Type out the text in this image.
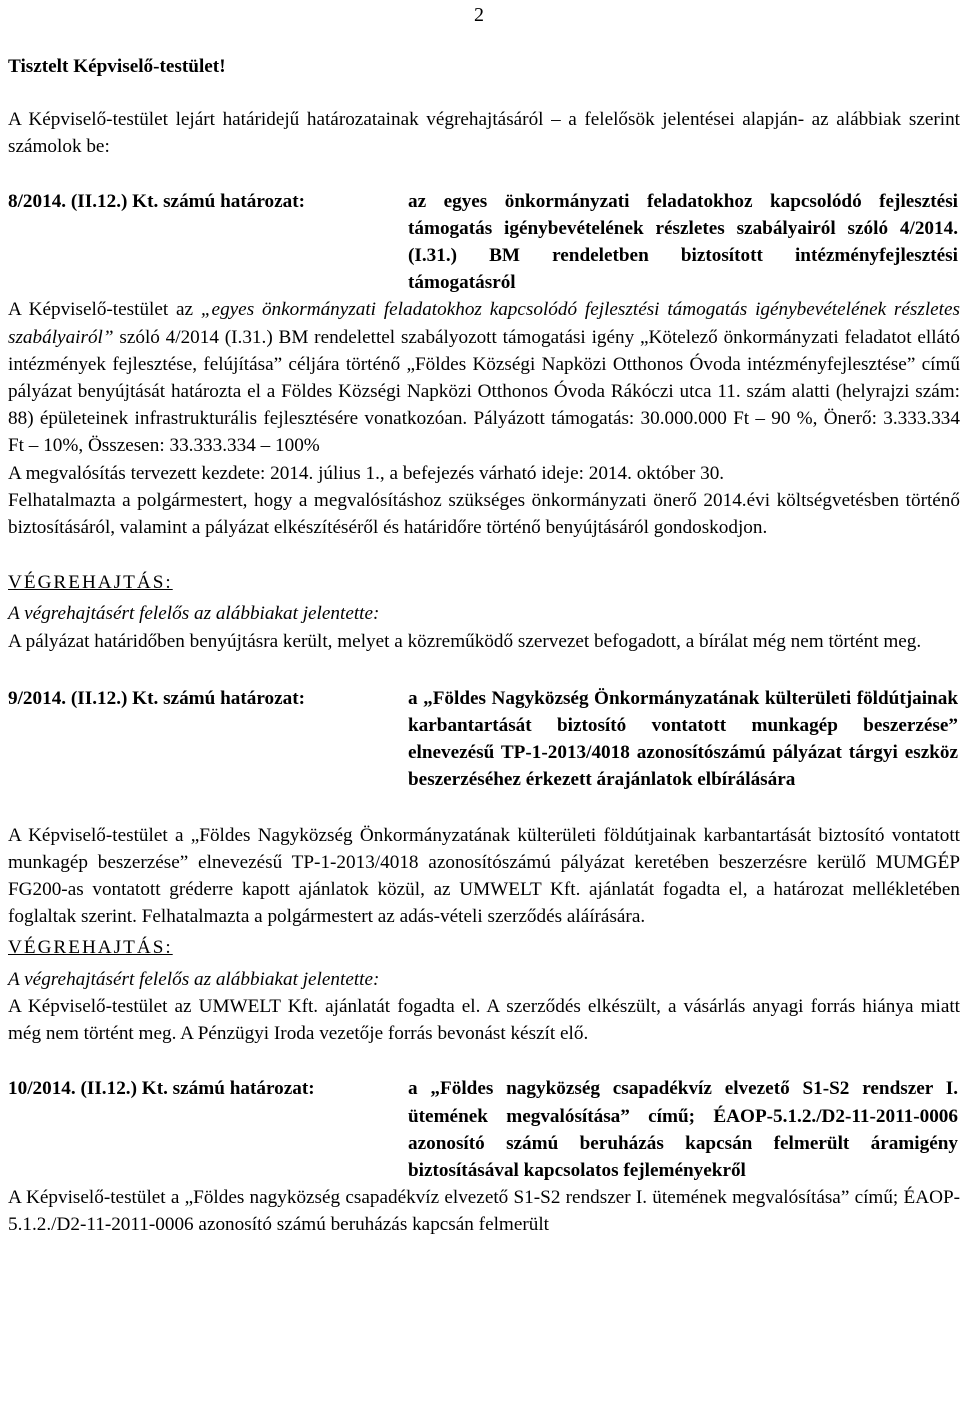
2

Tisztelt Képviselő-testület!

A Képviselő-testület lejárt határidejű határozatainak végrehajtásáról – a felelősök jelentései alapján- az alábbiak szerint számolok be:

8/2014. (II.12.) Kt. számú határozat:	az egyes önkormányzati feladatokhoz kapcsolódó fejlesztési támogatás igénybevételének részletes szabályairól szóló 4/2014. (I.31.) BM rendeletben biztosított intézményfejlesztési támogatásról

A Képviselő-testület az „egyes önkormányzati feladatokhoz kapcsolódó fejlesztési támogatás igénybevételének részletes szabályairól” szóló 4/2014 (I.31.) BM rendelettel szabályozott támogatási igény „Kötelező önkormányzati feladatot ellátó intézmények fejlesztése, felújítása” céljára történő „Földes Községi Napközi Otthonos Óvoda intézményfejlesztése” című pályázat benyújtását határozta el a Földes Községi Napközi Otthonos Óvoda Rákóczi utca 11. szám alatti (helyrajzi szám: 88) épületeinek infrastrukturális fejlesztésére vonatkozóan. Pályázott támogatás: 30.000.000 Ft – 90 %, Önerő: 3.333.334 Ft – 10%, Összesen: 33.333.334 – 100%

A megvalósítás tervezett kezdete: 2014. július 1., a befejezés várható ideje: 2014. október 30.

Felhatalmazta a polgármestert, hogy a megvalósításhoz szükséges önkormányzati önerő 2014.évi költségvetésben történő biztosításáról, valamint a pályázat elkészítéséről és határidőre történő benyújtásáról gondoskodjon.

VÉGREHAJTÁS:

A végrehajtásért felelős az alábbiakat jelentette:

A pályázat határidőben benyújtásra került, melyet a közreműködő szervezet befogadott, a bírálat még nem történt meg.

9/2014. (II.12.) Kt. számú határozat:	a „Földes Nagyközség Önkormányzatának külterületi földútjainak karbantartását biztosító vontatott munkagép beszerzése” elnevezésű TP-1-2013/4018 azonosítószámú pályázat tárgyi eszköz beszerzéséhez érkezett árajánlatok elbírálására

A Képviselő-testület a „Földes Nagyközség Önkormányzatának külterületi földútjainak karbantartását biztosító vontatott munkagép beszerzése” elnevezésű TP-1-2013/4018 azonosítószámú pályázat keretében beszerzésre kerülő MUMGÉP FG200-as vontatott gréderre kapott ajánlatok közül, az UMWELT Kft. ajánlatát fogadta el, a határozat mellékletében foglaltak szerint. Felhatalmazta a polgármestert az adás-vételi szerződés aláírására.

VÉGREHAJTÁS:

A végrehajtásért felelős az alábbiakat jelentette:

A Képviselő-testület az UMWELT Kft. ajánlatát fogadta el. A szerződés elkészült, a vásárlás anyagi forrás hiánya miatt még nem történt meg. A Pénzügyi Iroda vezetője forrás bevonást készít elő.

10/2014. (II.12.) Kt. számú határozat:	a „Földes nagyközség csapadékvíz elvezető S1-S2 rendszer I. ütemének megvalósítása” című; ÉAOP-5.1.2./D2-11-2011-0006 azonosító számú beruházás kapcsán felmerült áramigény biztosításával kapcsolatos fejleményekről

A Képviselő-testület a „Földes nagyközség csapadékvíz elvezető S1-S2 rendszer I. ütemének megvalósítása” című; ÉAOP-5.1.2./D2-11-2011-0006 azonosító számú beruházás kapcsán felmerült
